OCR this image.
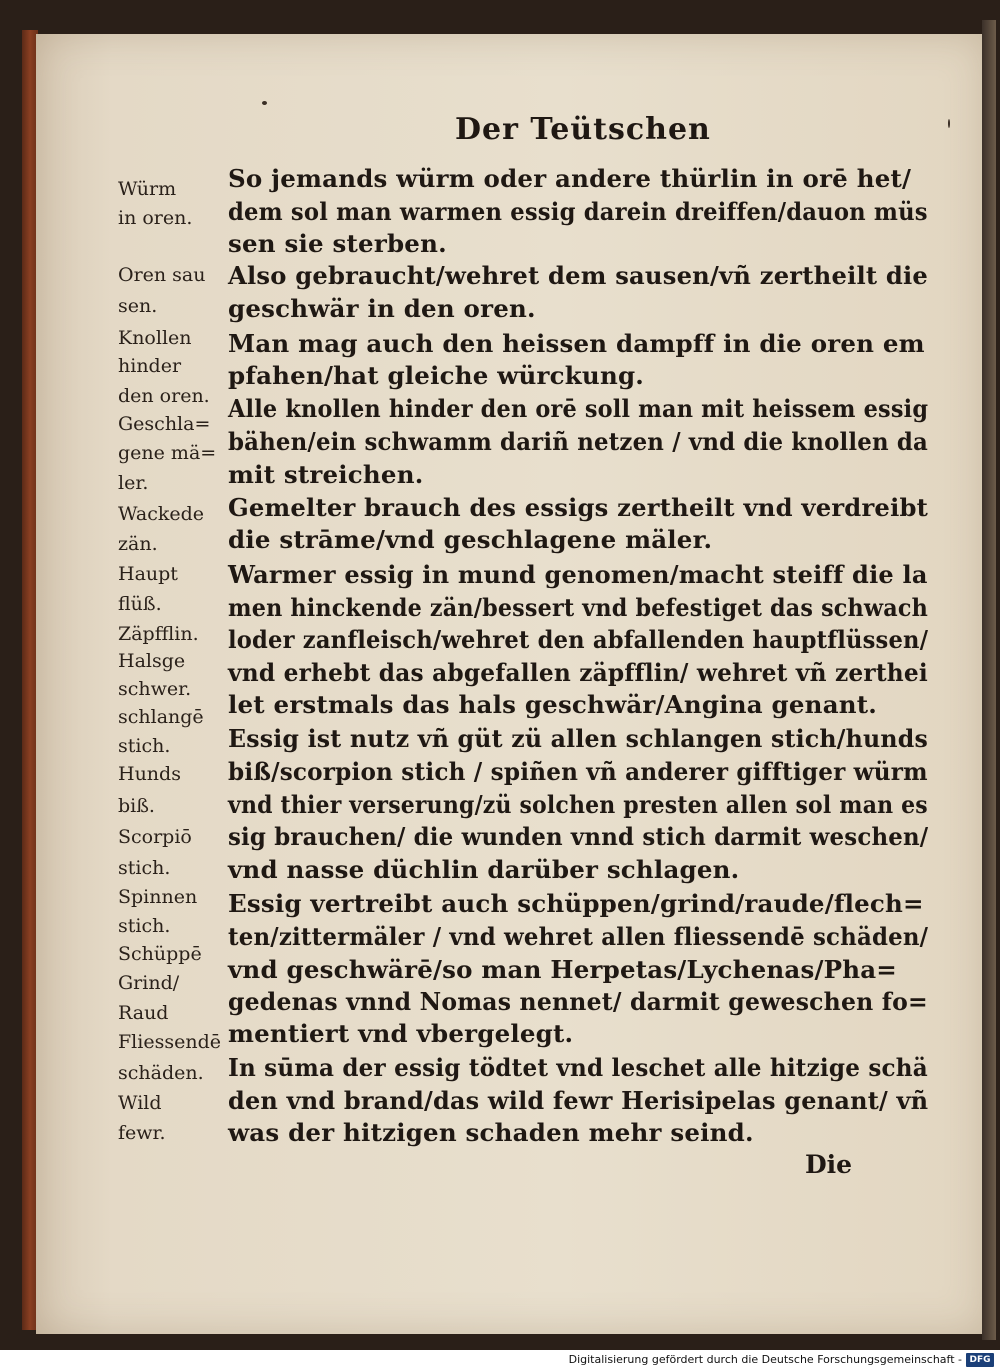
Der Teütschen
So jemands würm oder andere thürlin in orē het/
dem sol man warmen essig darein dreiffen/dauon müs
sen sie sterben.
Also gebraucht/wehret dem sausen/vñ zertheilt die
geschwär in den oren.
Man mag auch den heissen dampff in die oren em
pfahen/hat gleiche würckung.
Alle knollen hinder den orē soll man mit heissem essig
bähen/ein schwamm dariñ netzen / vnd die knollen da
mit streichen.
Gemelter brauch des essigs zertheilt vnd verdreibt
die strāme/vnd geschlagene mäler.
Warmer essig in mund genomen/macht steiff die la
men hinckende zän/bessert vnd befestiget das schwach
loder zanfleisch/wehret den abfallenden hauptflüssen/
vnd erhebt das abgefallen zäpfflin/ wehret vñ zerthei
let erstmals das hals geschwär/Angina genant.
Essig ist nutz vñ güt zü allen schlangen stich/hunds
biß/scorpion stich / spiñen vñ anderer gifftiger würm
vnd thier verserung/zü solchen presten allen sol man es
sig brauchen/ die wunden vnnd stich darmit weschen/
vnd nasse düchlin darüber schlagen.
Essig vertreibt auch schüppen/grind/raude/flech=
ten/zittermäler / vnd wehret allen fliessendē schäden/
vnd geschwärē/so man Herpetas/Lychenas/Pha=
gedenas vnnd Nomas nennet/ darmit geweschen fo=
mentiert vnd vbergelegt.
In sūma der essig tödtet vnd leschet alle hitzige schä
den vnd brand/das wild fewr Herisipelas genant/ vñ
was der hitzigen schaden mehr seind.
Würm
in oren.
Oren sau
sen.
Knollen
hinder
den oren.
Geschla=
gene mä=
ler.
Wackede
zän.
Haupt
flüß.
Zäpfflin.
Halsge
schwer.
schlangē
stich.
Hunds
biß.
Scorpiō
stich.
Spinnen
stich.
Schüppē
Grind/
Raud
Fliessendē
schäden.
Wild
fewr.
Die
Digitalisierung gefördert durch die Deutsche Forschungsgemeinschaft - DFG
